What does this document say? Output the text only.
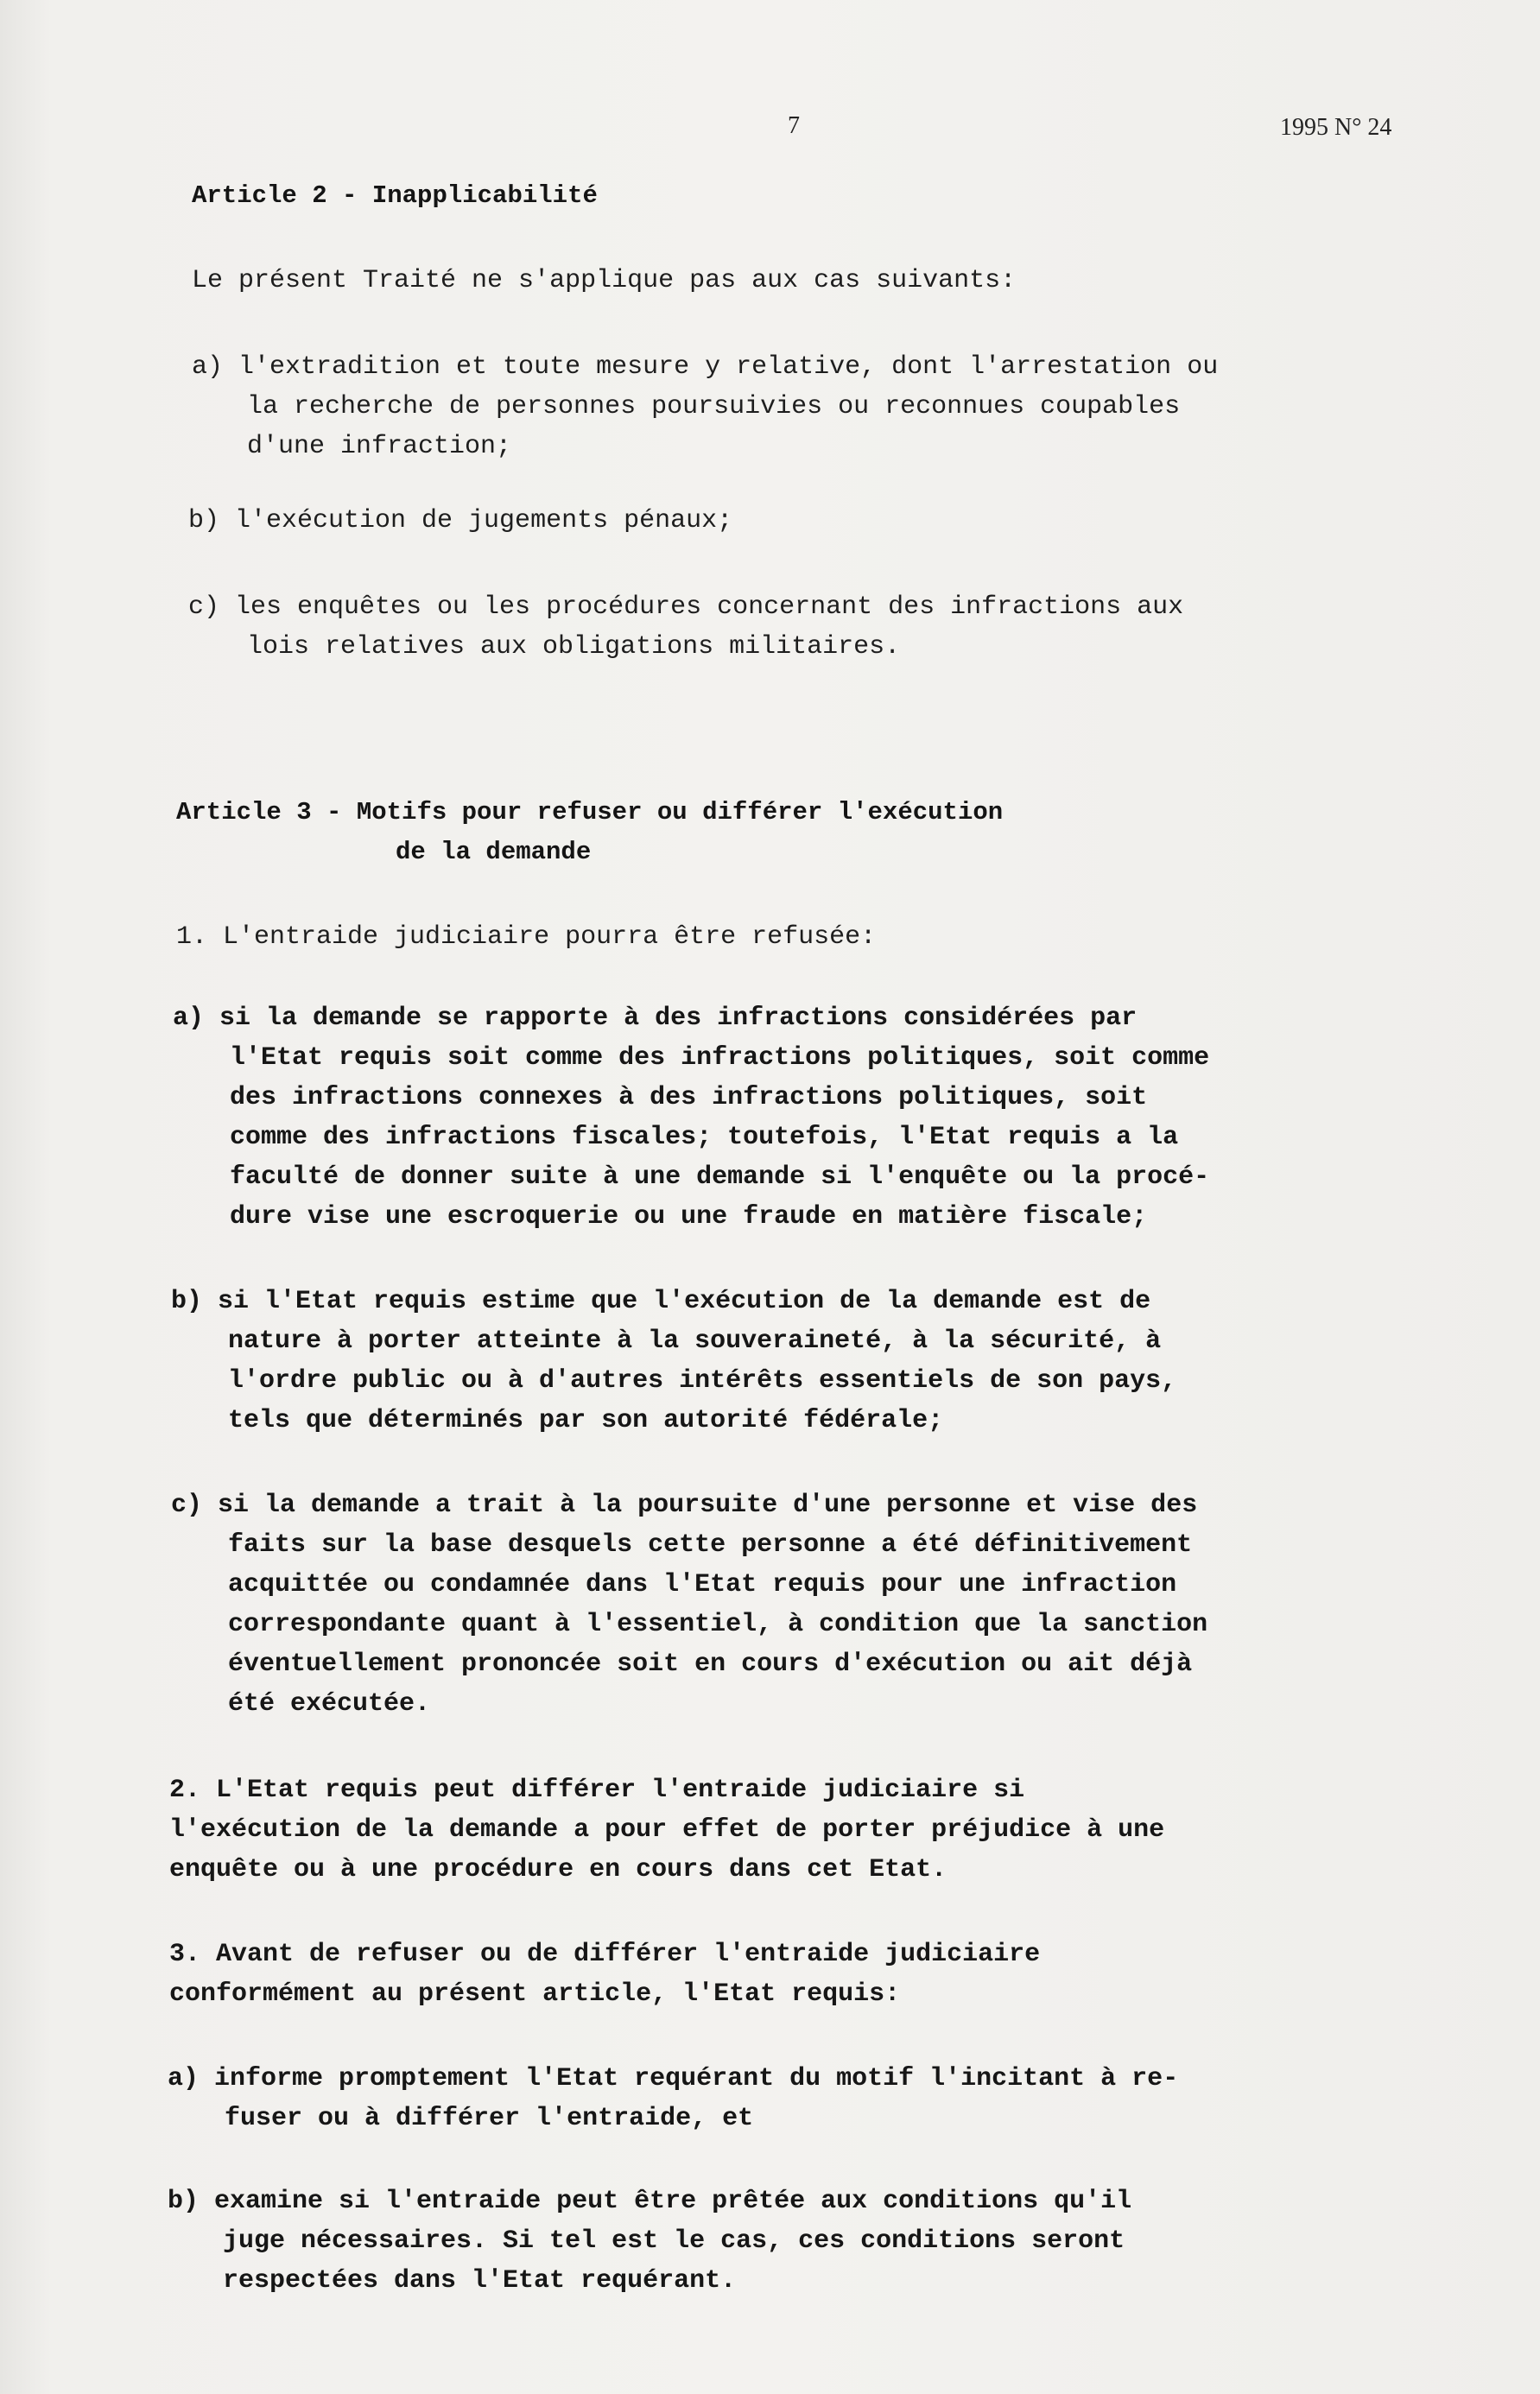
7	1995 N° 24
Article 2 - Inapplicabilité
Le présent Traité ne s'applique pas aux cas suivants:
a) l'extradition et toute mesure y relative, dont l'arrestation ou
la recherche de personnes poursuivies ou reconnues coupables
d'une infraction;
b) l'exécution de jugements pénaux;
c) les enquêtes ou les procédures concernant des infractions aux
lois relatives aux obligations militaires.
Article 3 - Motifs pour refuser ou différer l'exécution
de la demande
1. L'entraide judiciaire pourra être refusée:
a) si la demande se rapporte à des infractions considérées par
l'Etat requis soit comme des infractions politiques, soit comme
des infractions connexes à des infractions politiques, soit
comme des infractions fiscales; toutefois, l'Etat requis a la
faculté de donner suite à une demande si l'enquête ou la procé-
dure vise une escroquerie ou une fraude en matière fiscale;
b) si l'Etat requis estime que l'exécution de la demande est de
nature à porter atteinte à la souveraineté, à la sécurité, à
l'ordre public ou à d'autres intérêts essentiels de son pays,
tels que déterminés par son autorité fédérale;
c) si la demande a trait à la poursuite d'une personne et vise des
faits sur la base desquels cette personne a été définitivement
acquittée ou condamnée dans l'Etat requis pour une infraction
correspondante quant à l'essentiel, à condition que la sanction
éventuellement prononcée soit en cours d'exécution ou ait déjà
été exécutée.
2. L'Etat requis peut différer l'entraide judiciaire si
l'exécution de la demande a pour effet de porter préjudice à une
enquête ou à une procédure en cours dans cet Etat.
3. Avant de refuser ou de différer l'entraide judiciaire
conformément au présent article, l'Etat requis:
a) informe promptement l'Etat requérant du motif l'incitant à re-
fuser ou à différer l'entraide, et
b) examine si l'entraide peut être prêtée aux conditions qu'il
juge nécessaires. Si tel est le cas, ces conditions seront
respectées dans l'Etat requérant.
